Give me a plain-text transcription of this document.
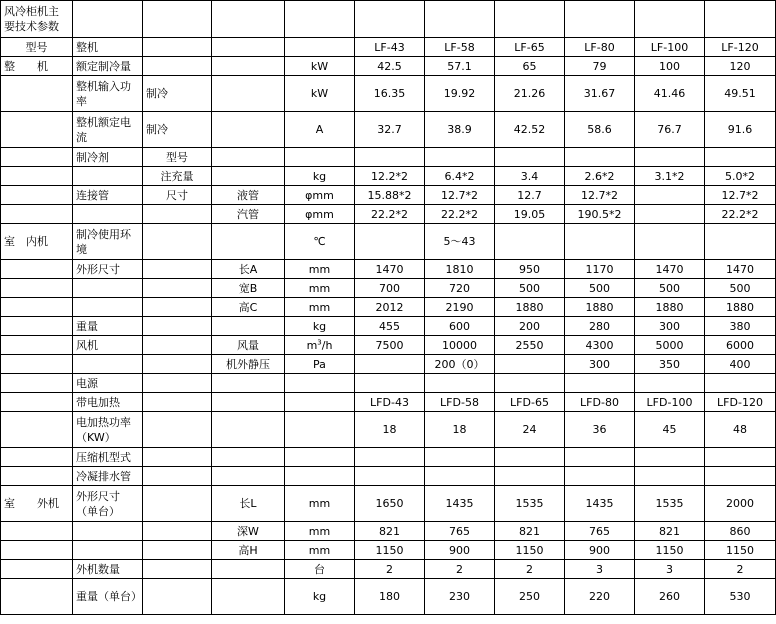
风冷柜机主要技术参数										
型号	整机				LF-43	LF-58	LF-65	LF-80	LF-100	LF-120
整　　机	额定制冷量			kW	42.5	57.1	65	79	100	120
	整机输入功率	制冷		kW	16.35	19.92	21.26	31.67	41.46	49.51
	整机额定电流	制冷		A	32.7	38.9	42.52	58.6	76.7	91.6
	制冷剂	型号								
		注充量		kg	12.2*2	6.4*2	3.4	2.6*2	3.1*2	5.0*2
	连接管	尺寸	液管	φmm	15.88*2	12.7*2	12.7	12.7*2		12.7*2
			汽管	φmm	22.2*2	22.2*2	19.05	190.5*2		22.2*2
室　内机	制冷使用环境			℃		5～43				
	外形尺寸		长A	mm	1470	1810	950	1170	1470	1470
			宽B	mm	700	720	500	500	500	500
			高C	mm	2012	2190	1880	1880	1880	1880
	重量			kg	455	600	200	280	300	380
	风机		风量	$m^3/h$	7500	10000	2550	4300	5000	6000
			机外静压	Pa		200（0）		300	350	400
	电源									
	带电加热				LFD-43	LFD-58	LFD-65	LFD-80	LFD-100	LFD-120
	电加热功率（KW）				18	18	24	36	45	48
	压缩机型式									
	冷凝排水管									
室　　外机	外形尺寸（单台）		长L	mm	1650	1435	1535	1435	1535	2000
			深W	mm	821	765	821	765	821	860
			高H	mm	1150	900	1150	900	1150	1150
	外机数量			台	2	2	2	3	3	2
	重量（单台）			kg	180	230	250	220	260	530
